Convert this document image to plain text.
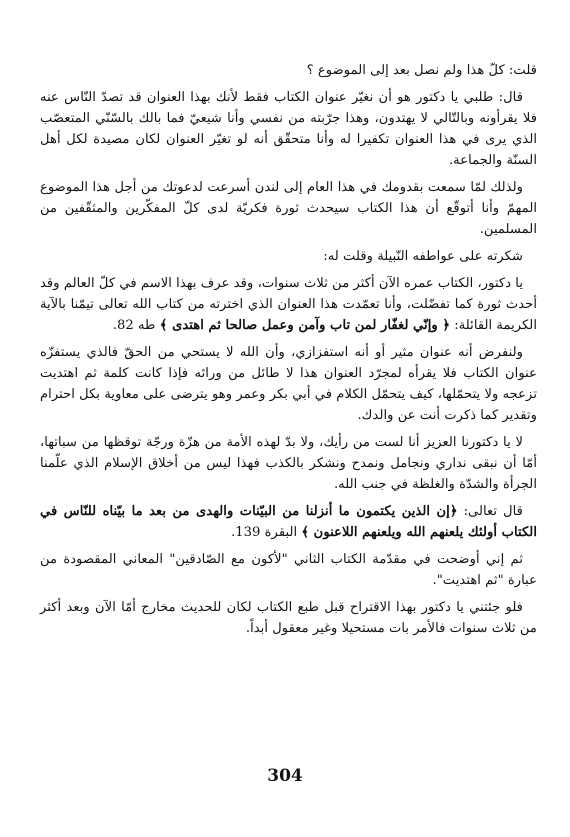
قلت: كلّ هذا ولم نصل بعد إلى الموضوع ؟

قال: طلبي يا دكتور هو أن نغيّر عنوان الكتاب فقط لأنك بهذا العنوان قد تصدّ النّاس عنه فلا يقرأونه وبالتّالي لا يهتدون، وهذا جرّبته من نفسي وأنا شيعيّ فما بالك بالسّنّي المتعصّب الذي يرى في هذا العنوان تكفيرا له وأنا متحقّق أنه لو تغيّر العنوان لكان مصيدة لكل أهل السنّة والجماعة.

ولذلك لمّا سمعت بقدومك في هذا العام إلى لندن أسرعت لدعوتك من أجل هذا الموضوع المهمّ وأنا أتوقّع أن هذا الكتاب سيحدث ثورة فكريّة لدى كلّ المفكّرين والمثقّفين من المسلمين.

شكرته على عواطفه النّبيلة وقلت له:

يا دكتور، الكتاب عمره الآن أكثر من ثلاث سنوات، وقد عرف بهذا الاسم في كلّ العالم وقد أحدث ثورة كما تفضّلت، وأنا تعمّدت هذا العنوان الذي اخترته من كتاب الله تعالى تيمّنا بالآية الكريمة القائلة: ﴿ وإنّي لغفّار لمن تاب وآمن وعمل صالحا ثم اهتدى ﴾ طه 82.

ولنفرض أنه عنوان مثير أو أنه استفزازي، وأن الله لا يستحي من الحقّ فالذي يستفزّه عنوان الكتاب فلا يقرأه لمجرّد العنوان هذا لا طائل من ورائه فإذا كانت كلمة ثم اهتديت تزعجه ولا يتحمّلها، كيف يتحمّل الكلام في أبي بكر وعمر وهو يترضى على معاوية بكل احترام وتقدير كما ذكرت أنت عن والدك.

لا يا دكتورنا العزيز أنا لست من رأيك، ولا بدّ لهذه الأمة من هزّة ورجّة توقظها من سباتها، أمّا أن نبقى نداري ونجامل ونمدح ونشكر بالكذب فهذا ليس من أخلاق الإسلام الذي علّمنا الجرأة والشدّة والغلظة في جنب الله.

قال تعالى: ﴿إن الذين يكتمون ما أنزلنا من البيّنات والهدى من بعد ما بيّناه للنّاس في الكتاب أولئك يلعنهم الله ويلعنهم اللاعنون ﴾ البقرة 139.

ثم إني أوضحت في مقدّمة الكتاب الثاني "لأكون مع الصّادقين" المعاني المقصودة من عبارة "ثم اهتديت".

فلو جئتني يا دكتور بهذا الاقتراح قبل طبع الكتاب لكان للحديث مخارج أمّا الآن وبعد أكثر من ثلاث سنوات فالأمر بات مستحيلا وغير معقول أبداً.

304
